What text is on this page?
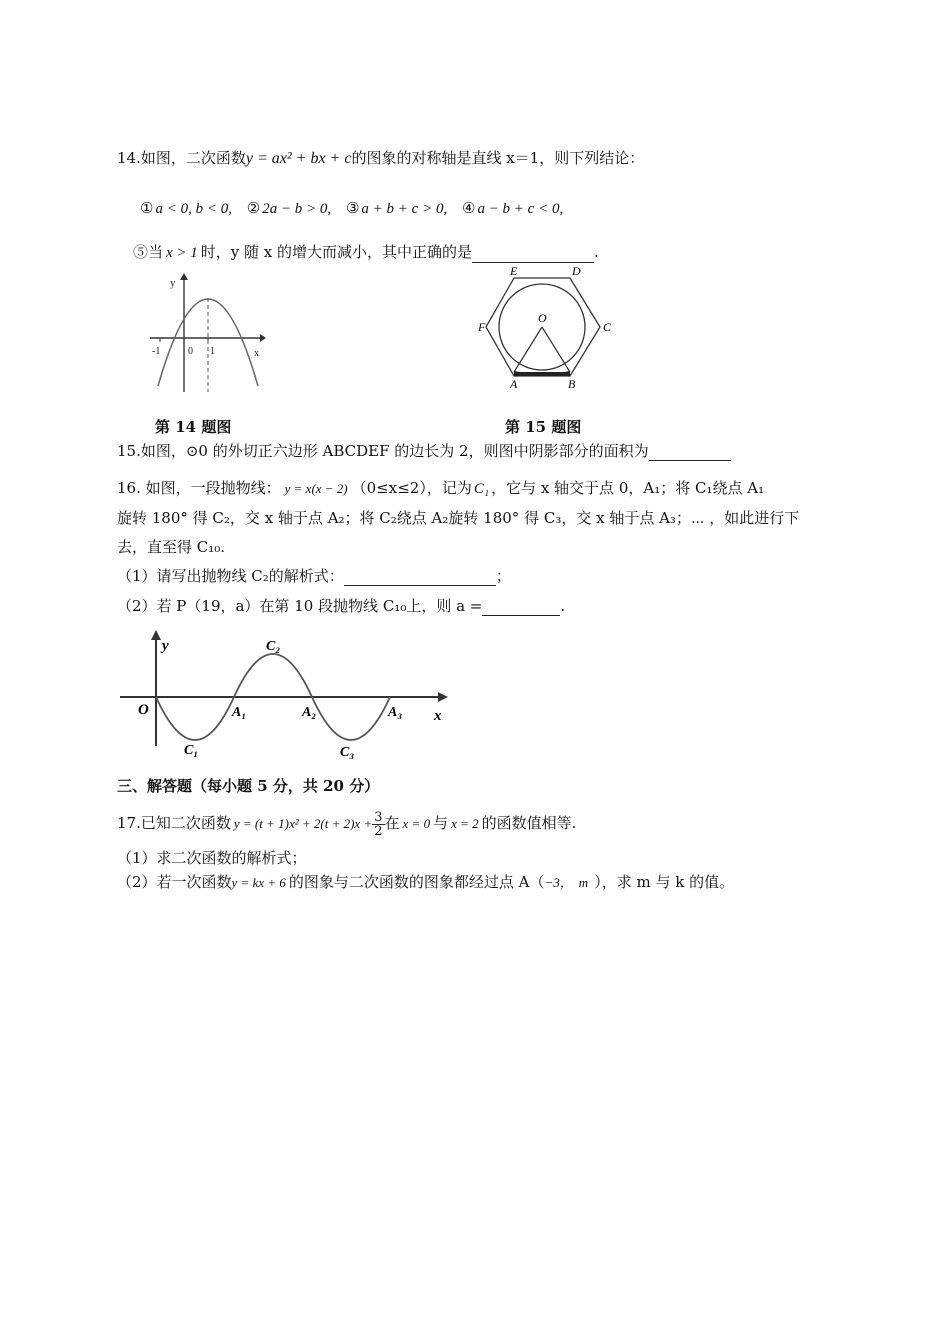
14.如图，二次函数y = ax² + bx + c的图象的对称轴是直线 x＝1，则下列结论：
① a < 0, b < 0, ② 2a − b > 0, ③ a + b + c > 0, ④ a − b + c < 0,
⑤当 x > 1 时，y 随 x 的增大而减小，其中正确的是	.
y
x
-1	0 1
O
A	B
C
D
E
F
第 14 题图	第 15 题图
15.如图，⊙0 的外切正六边形 ABCDEF 的边长为 2，则图中阴影部分的面积为
16. 如图，一段抛物线： y = x(x − 2) （0≤x≤2），记为 C₁ ，它与 x 轴交于点 0，A₁；将 C₁绕点 A₁
旋转 180° 得 C₂，交 x 轴于点 A₂；将 C₂绕点 A₂旋转 180° 得 C₃，交 x 轴于点 A₃；⋯ ，如此进行下
去，直至得 C₁₀.
（1）请写出抛物线 C₂的解析式：	；
（2）若 P（19，a）在第 10 段抛物线 C₁₀上，则 a =	.
y
x
O	A₁	A₂	A₃
C₁
C₂
C₃
三、解答题（每小题 5 分，共 20 分）
17.已知二次函数 $y = (t + 1)x^2 + 2(t + 2)x + \frac{3}{2}$ 在 x = 0 与 x = 2 的函数值相等.
（1）求二次函数的解析式；
（2）若一次函数y = kx + 6 的图象与二次函数的图象都经过点 A（−3， m ），求 m 与 k 的值。
